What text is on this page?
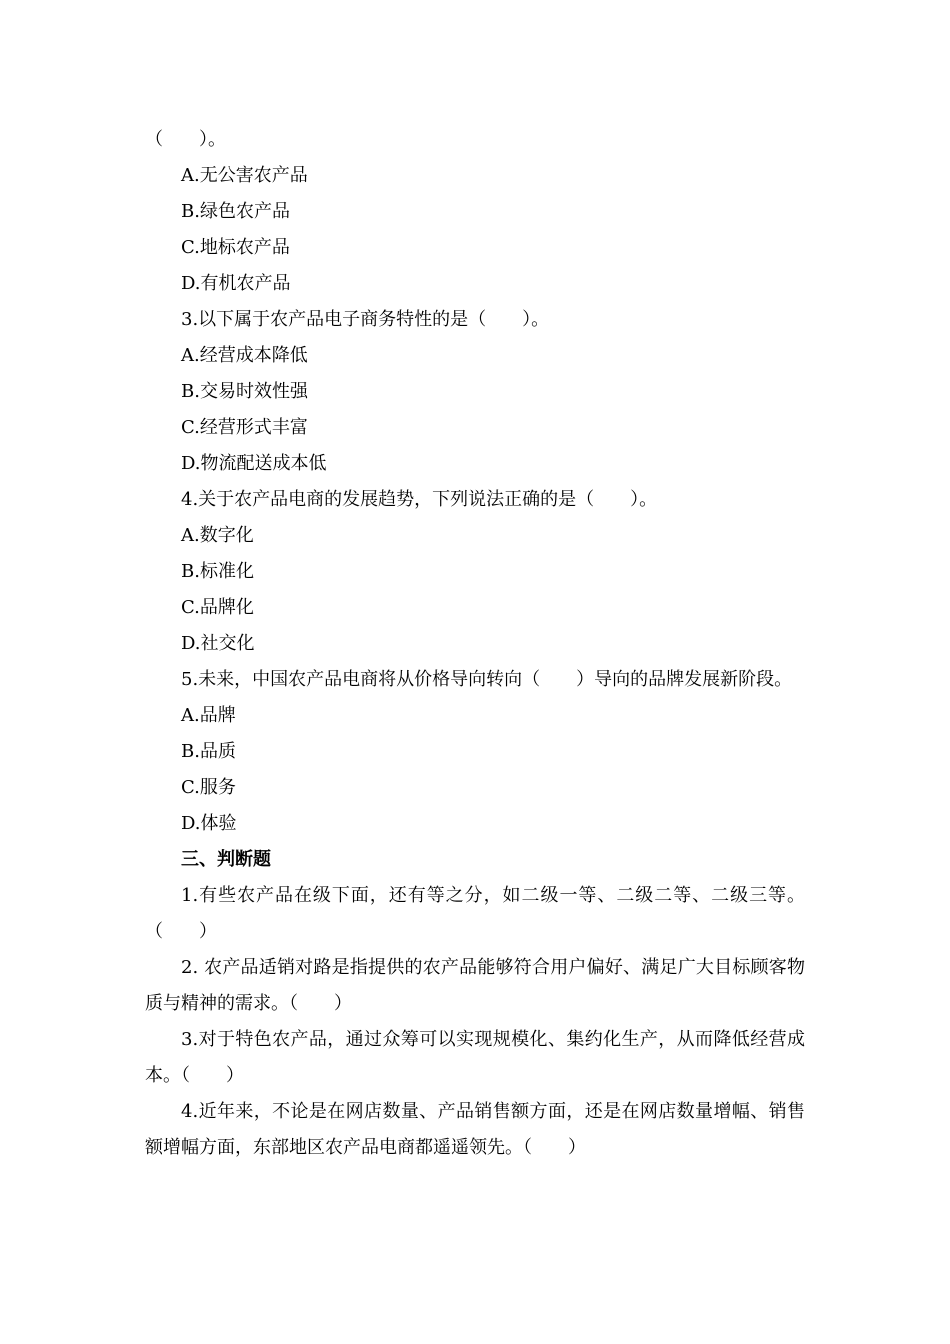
（　　）。

A.无公害农产品

B.绿色农产品

C.地标农产品

D.有机农产品

3.以下属于农产品电子商务特性的是（　　）。

A.经营成本降低

B.交易时效性强

C.经营形式丰富

D.物流配送成本低

4.关于农产品电商的发展趋势，下列说法正确的是（　　）。

A.数字化

B.标准化

C.品牌化

D.社交化

5.未来，中国农产品电商将从价格导向转向（　　）导向的品牌发展新阶段。

A.品牌

B.品质

C.服务

D.体验

三、判断题

1.有些农产品在级下面，还有等之分，如二级一等、二级二等、二级三等。（　　）

2. 农产品适销对路是指提供的农产品能够符合用户偏好、满足广大目标顾客物质与精神的需求。（　　）

3.对于特色农产品，通过众筹可以实现规模化、集约化生产，从而降低经营成本。（　　）

4.近年来，不论是在网店数量、产品销售额方面，还是在网店数量增幅、销售额增幅方面，东部地区农产品电商都遥遥领先。（　　）
